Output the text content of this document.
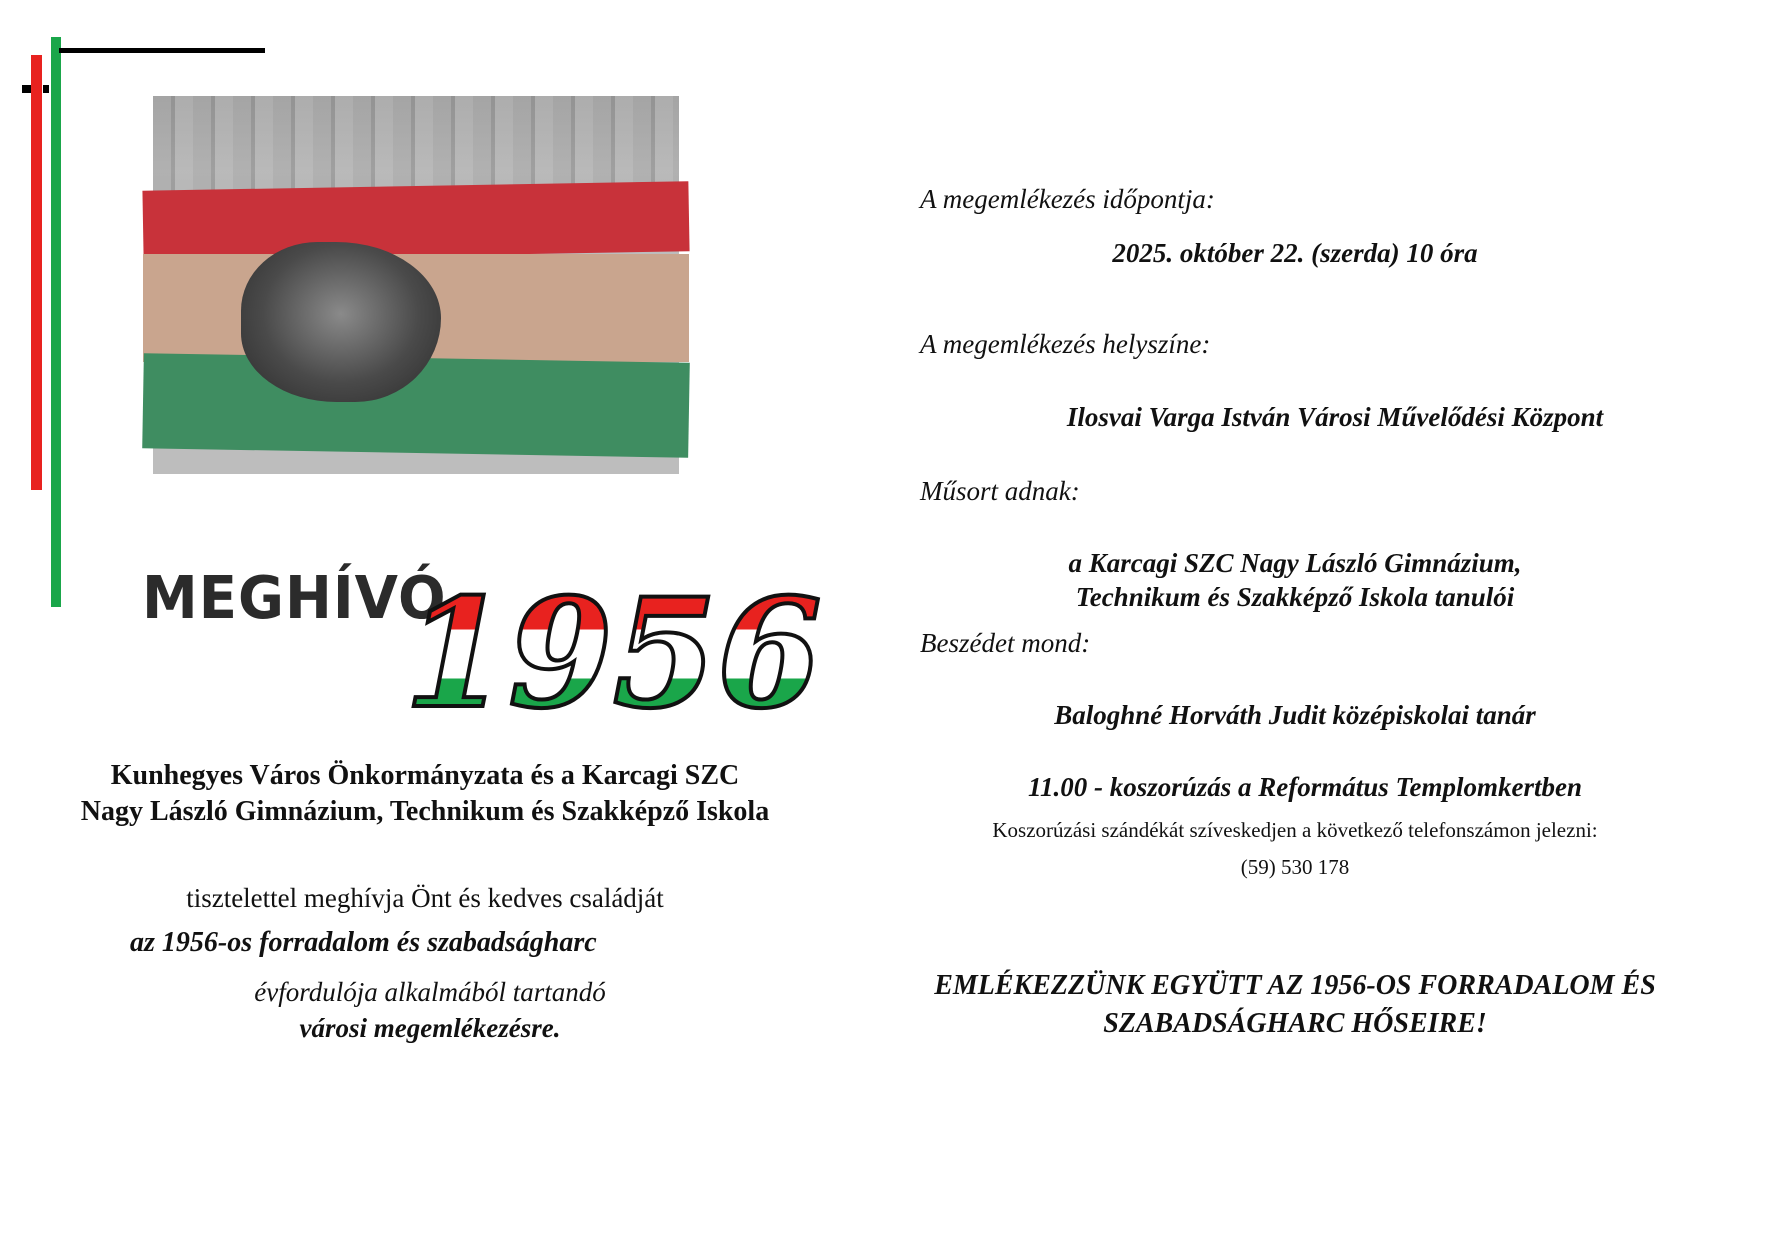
MEGHÍVÓ
1956
Kunhegyes Város Önkormányzata és a Karcagi SZC Nagy László Gimnázium, Technikum és Szakképző Iskola
tisztelettel meghívja Önt és kedves családját
az 1956-os forradalom és szabadságharc
évfordulója alkalmából tartandó
városi megemlékezésre.
A megemlékezés időpontja:
2025. október 22. (szerda) 10 óra
A megemlékezés helyszíne:
Ilosvai Varga István Városi Művelődési Központ
Műsort adnak:
a Karcagi SZC Nagy László Gimnázium,
Technikum és Szakképző Iskola tanulói
Beszédet mond:
Baloghné Horváth Judit középiskolai tanár
11.00 - koszorúzás a Református Templomkertben
Koszorúzási szándékát szíveskedjen a következő telefonszámon jelezni:
(59) 530 178
EMLÉKEZZÜNK EGYÜTT AZ 1956-OS FORRADALOM ÉS SZABADSÁGHARC HŐSEIRE!
